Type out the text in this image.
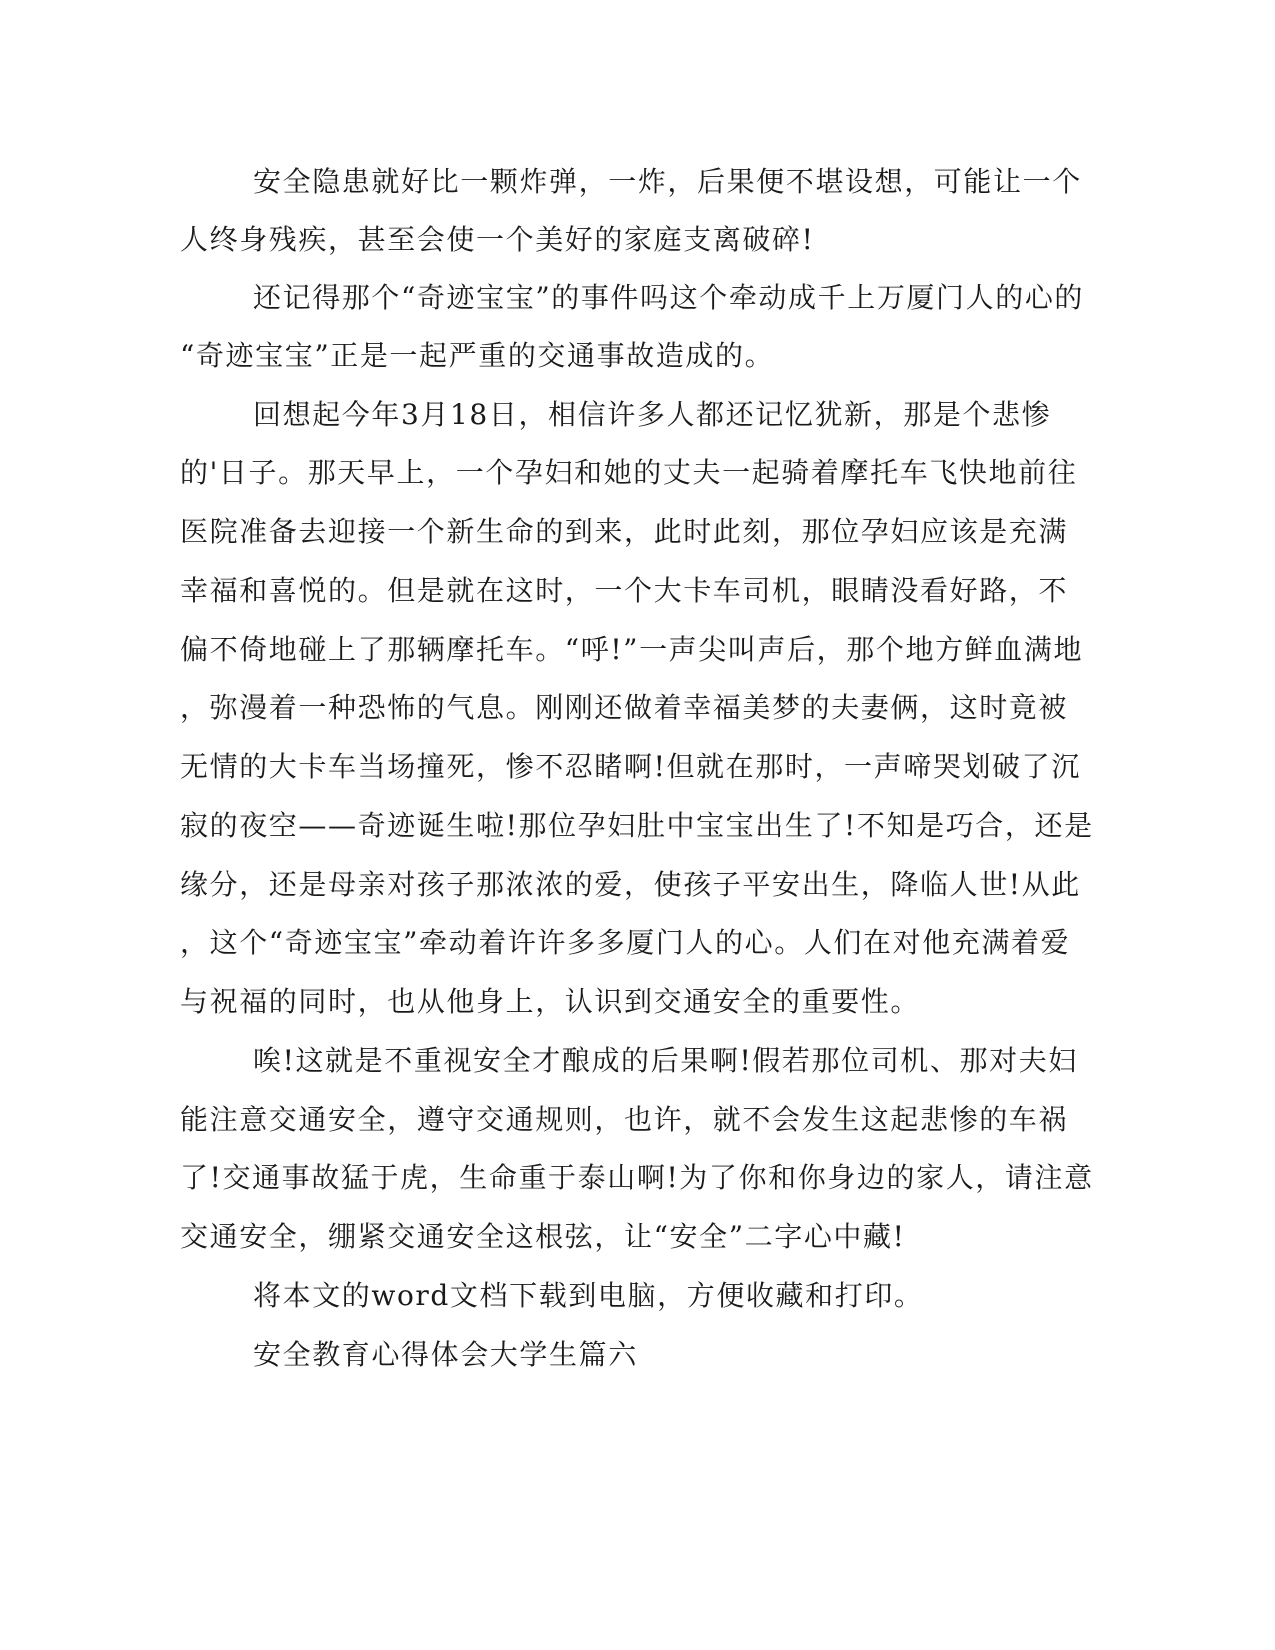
安全隐患就好比一颗炸弹，一炸，后果便不堪设想，可能让一个

人终身残疾，甚至会使一个美好的家庭支离破碎!

还记得那个“奇迹宝宝”的事件吗这个牵动成千上万厦门人的心的

“奇迹宝宝”正是一起严重的交通事故造成的。

回想起今年3月18日，相信许多人都还记忆犹新，那是个悲惨

的'日子。那天早上，一个孕妇和她的丈夫一起骑着摩托车飞快地前往

医院准备去迎接一个新生命的到来，此时此刻，那位孕妇应该是充满

幸福和喜悦的。但是就在这时，一个大卡车司机，眼睛没看好路，不

偏不倚地碰上了那辆摩托车。“呼!”一声尖叫声后，那个地方鲜血满地

，弥漫着一种恐怖的气息。刚刚还做着幸福美梦的夫妻俩，这时竟被

无情的大卡车当场撞死，惨不忍睹啊!但就在那时，一声啼哭划破了沉

寂的夜空——奇迹诞生啦!那位孕妇肚中宝宝出生了!不知是巧合，还是

缘分，还是母亲对孩子那浓浓的爱，使孩子平安出生，降临人世!从此

，这个“奇迹宝宝”牵动着许许多多厦门人的心。人们在对他充满着爱

与祝福的同时，也从他身上，认识到交通安全的重要性。

唉!这就是不重视安全才酿成的后果啊!假若那位司机、那对夫妇

能注意交通安全，遵守交通规则，也许，就不会发生这起悲惨的车祸

了!交通事故猛于虎，生命重于泰山啊!为了你和你身边的家人，请注意

交通安全，绷紧交通安全这根弦，让“安全”二字心中藏!

将本文的word文档下载到电脑，方便收藏和打印。

安全教育心得体会大学生篇六
